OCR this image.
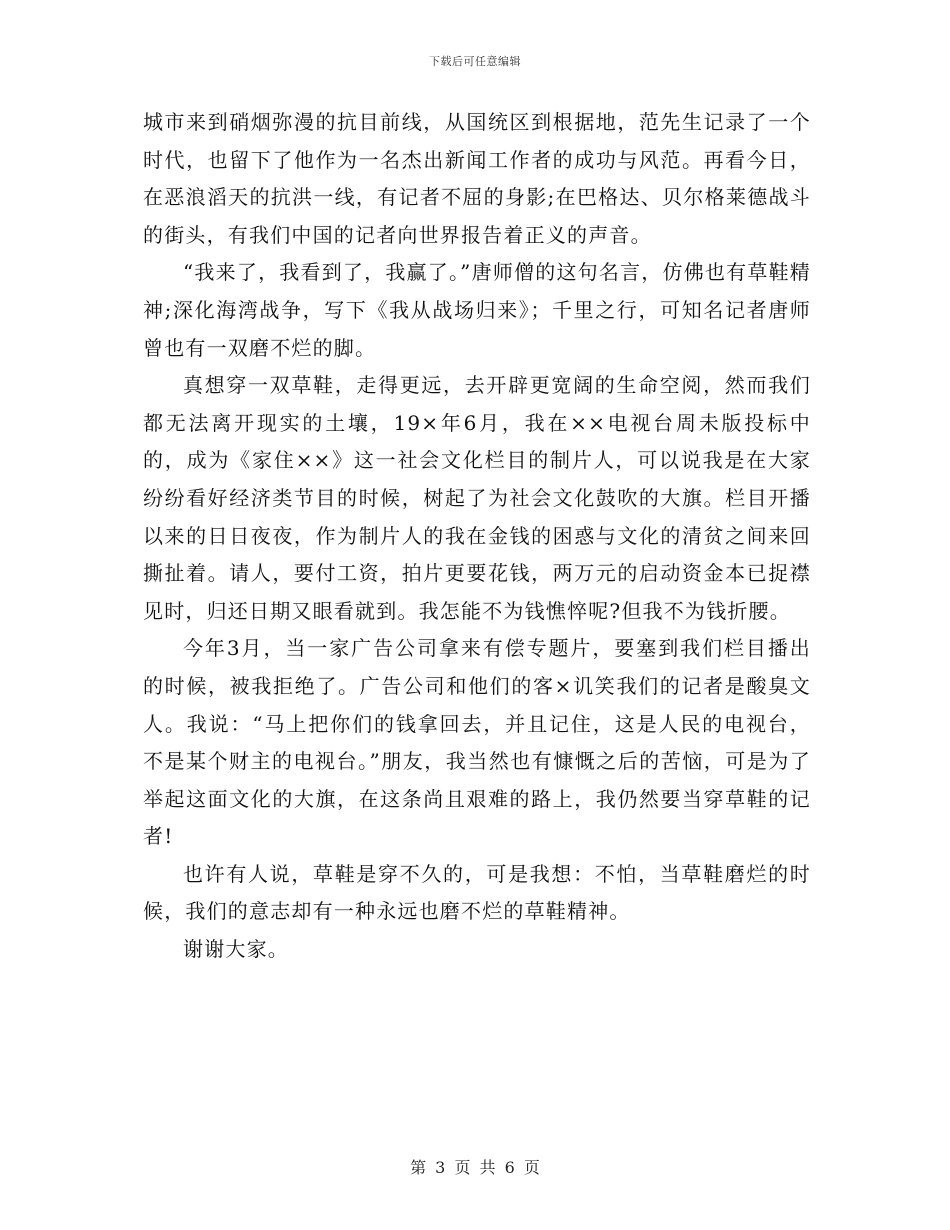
下载后可任意编辑

城市来到硝烟弥漫的抗目前线，从国统区到根据地，范先生记录了一个时代，也留下了他作为一名杰出新闻工作者的成功与风范。再看今日，在恶浪滔天的抗洪一线，有记者不屈的身影;在巴格达、贝尔格莱德战斗的街头，有我们中国的记者向世界报告着正义的声音。

“我来了，我看到了，我赢了。”唐师僧的这句名言，仿佛也有草鞋精神;深化海湾战争，写下《我从战场归来》；千里之行，可知名记者唐师曾也有一双磨不烂的脚。

真想穿一双草鞋，走得更远，去开辟更宽阔的生命空阅，然而我们都无法离开现实的土壤，19×年6月，我在××电视台周未版投标中的，成为《家住××》这一社会文化栏目的制片人，可以说我是在大家纷纷看好经济类节目的时候，树起了为社会文化鼓吹的大旗。栏目开播以来的日日夜夜，作为制片人的我在金钱的困惑与文化的清贫之间来回撕扯着。请人，要付工资，拍片更要花钱，两万元的启动资金本已捉襟见时，归还日期又眼看就到。我怎能不为钱憔悴呢?但我不为钱折腰。

今年3月，当一家广告公司拿来有偿专题片，要塞到我们栏目播出的时候，被我拒绝了。广告公司和他们的客×讥笑我们的记者是酸臭文人。我说：“马上把你们的钱拿回去，并且记住，这是人民的电视台，不是某个财主的电视台。”朋友，我当然也有慷慨之后的苦恼，可是为了举起这面文化的大旗，在这条尚且艰难的路上，我仍然要当穿草鞋的记者!

也许有人说，草鞋是穿不久的，可是我想：不怕，当草鞋磨烂的时候，我们的意志却有一种永远也磨不烂的草鞋精神。

谢谢大家。

第 3 页 共 6 页
